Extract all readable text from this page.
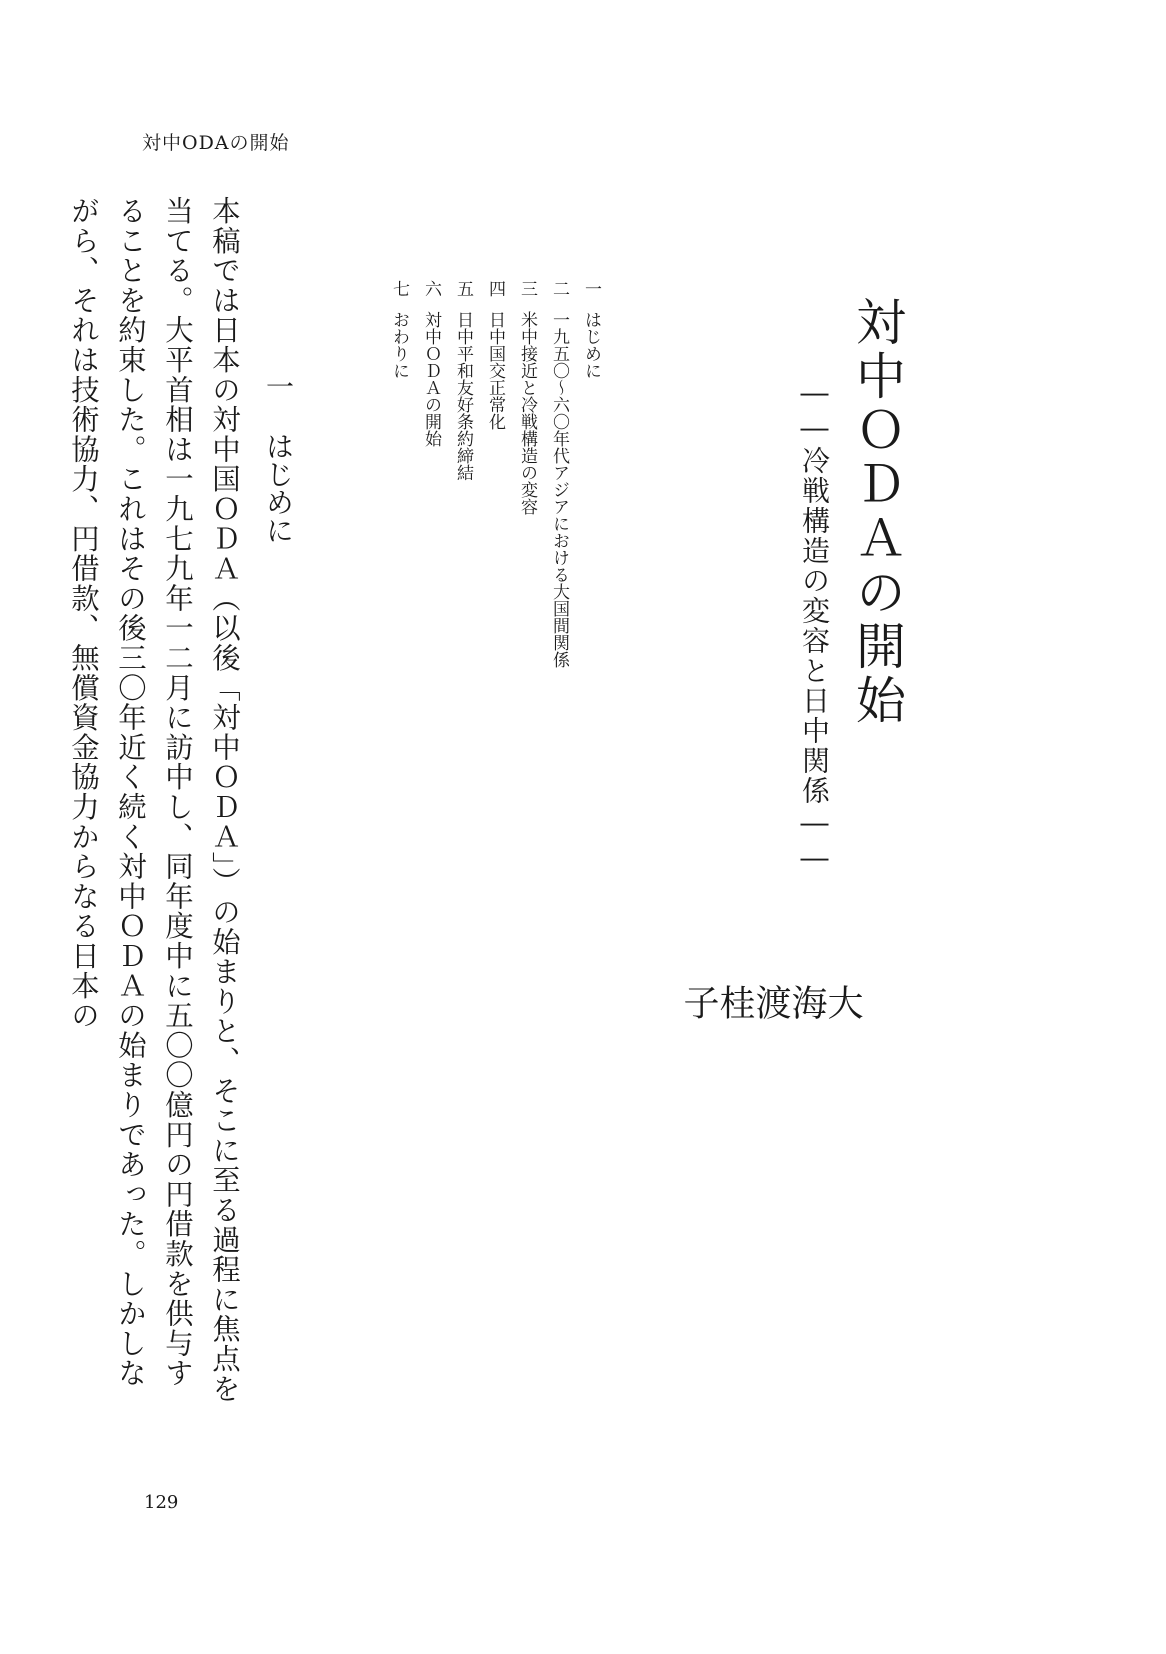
対中ODAの開始
対中ＯＤＡの開始
――冷戦構造の変容と日中関係――
大
海
渡
桂
子
一はじめに
二一九五〇～六〇年代アジアにおける大国間関係
三米中接近と冷戦構造の変容
四日中国交正常化
五日中平和友好条約締結
六対中ＯＤＡの開始
七おわりに
一はじめに
本稿では日本の対中国ＯＤＡ（以後「対中ＯＤＡ」）の始まりと、そこに至る過程に焦点を当てる。大平首相は一九七九年一二月に訪中し、同年度中に五〇〇億円の円借款を供与することを約束した。これはその後三〇年近く続く対中ＯＤＡの始まりであった。しかしながら、それは技術協力、円借款、無償資金協力からなる日本の
129
